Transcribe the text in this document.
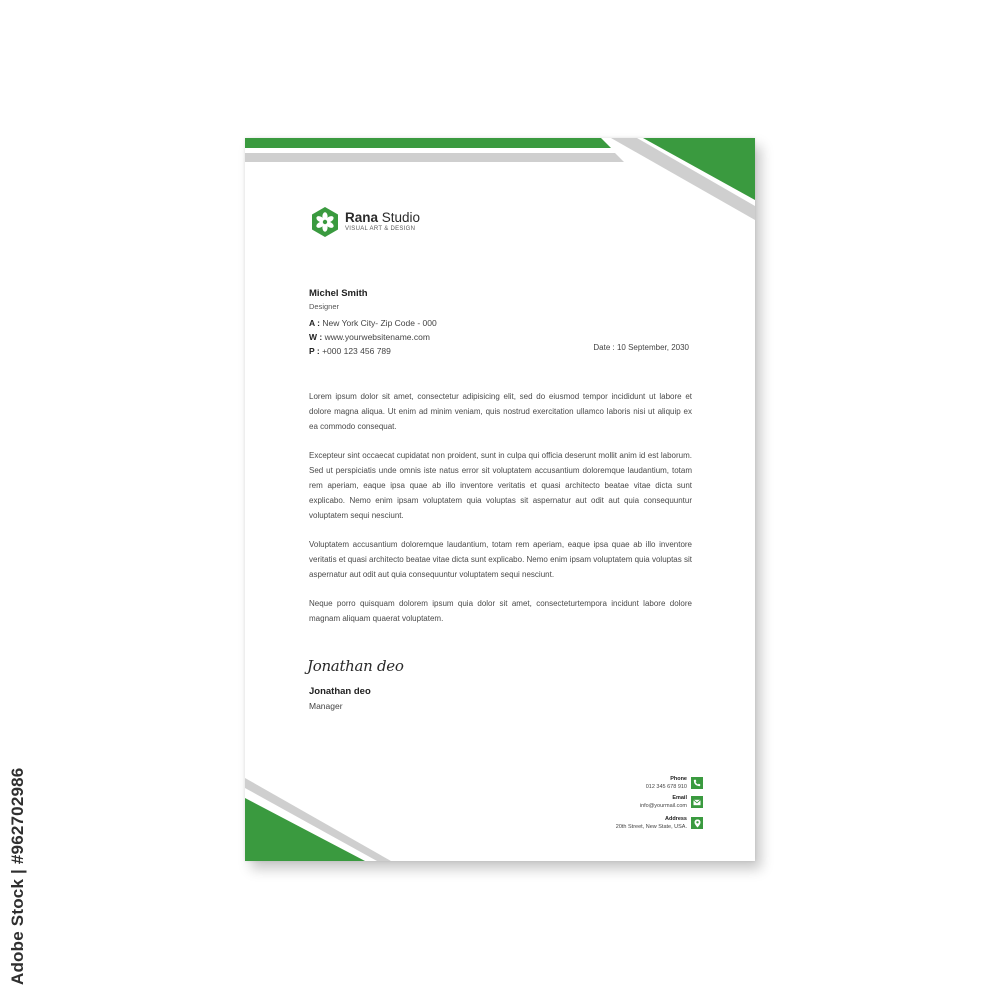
Adobe Stock | #962702986
Rana Studio
VISUAL ART & DESIGN
Michel Smith
Designer
A : New York City- Zip Code - 000
W : www.yourwebsitename.com
P : +000 123 456 789	Date : 10 September, 2030

Lorem ipsum dolor sit amet, consectetur adipisicing elit, sed do eiusmod tempor incididunt ut labore et dolore magna aliqua. Ut enim ad minim veniam, quis nostrud exercitation ullamco laboris nisi ut aliquip ex ea commodo consequat.

Excepteur sint occaecat cupidatat non proident, sunt in culpa qui officia deserunt mollit anim id est laborum. Sed ut perspiciatis unde omnis iste natus error sit voluptatem accusantium doloremque laudantium, totam rem aperiam, eaque ipsa quae ab illo inventore veritatis et quasi architecto beatae vitae dicta sunt explicabo. Nemo enim ipsam voluptatem quia voluptas sit aspernatur aut odit aut quia consequuntur voluptatem sequi nesciunt.

Voluptatem accusantium doloremque laudantium, totam rem aperiam, eaque ipsa quae ab illo inventore veritatis et quasi architecto beatae vitae dicta sunt explicabo. Nemo enim ipsam voluptatem quia voluptas sit aspernatur aut odit aut quia consequuntur voluptatem sequi nesciunt.

Neque porro quisquam dolorem ipsum quia dolor sit amet, consecteturtempora incidunt labore dolore magnam aliquam quaerat voluptatem.

Jonathan deo
Jonathan deo
Manager
Phone
012 345 678 910
Email
info@yourmail.com
Address
20th Street, New State, USA.
